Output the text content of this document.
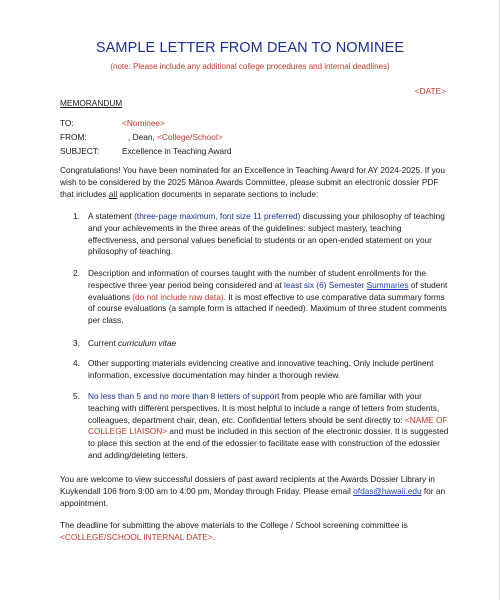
SAMPLE LETTER FROM DEAN TO NOMINEE
(note: Please include any additional college procedures and internal deadlines)
<DATE>
MEMORANDUM
TO:	<Nominee>
FROM:	, Dean, <College/School>
SUBJECT:	Excellence in Teaching Award
Congratulations! You have been nominated for an Excellence in Teaching Award for AY 2024-2025. If you wish to be considered by the 2025 Mānoa Awards Committee, please submit an electronic dossier PDF that includes all application documents in separate sections to include:
1. A statement (three-page maximum, font size 11 preferred) discussing your philosophy of teaching and your achievements in the three areas of the guidelines: subject mastery, teaching effectiveness, and personal values beneficial to students or an open-ended statement on your philosophy of teaching.
2. Description and information of courses taught with the number of student enrollments for the respective three year period being considered and at least six (6) Semester Summaries of student evaluations (do not include raw data). It is most effective to use comparative data summary forms of course evaluations (a sample form is attached if needed). Maximum of three student comments per class.
3. Current curriculum vitae
4. Other supporting materials evidencing creative and innovative teaching. Only include pertinent information, excessive documentation may hinder a thorough review.
5. No less than 5 and no more than 8 letters of support from people who are familiar with your teaching with different perspectives. It is most helpful to include a range of letters from students, colleagues, department chair, dean, etc. Confidential letters should be sent directly to: <NAME OF COLLEGE LIAISON> and must be included in this section of the electronic dossier. It is suggested to place this section at the end of the edossier to facilitate ease with construction of the edossier and adding/deleting letters.
You are welcome to view successful dossiers of past award recipients at the Awards Dossier Library in Kuykendall 106 from 9:00 am to 4:00 pm, Monday through Friday. Please email ofdas@hawaii.edu for an appointment.
The deadline for submitting the above materials to the College / School screening committee is <COLLEGE/SCHOOL INTERNAL DATE>.
